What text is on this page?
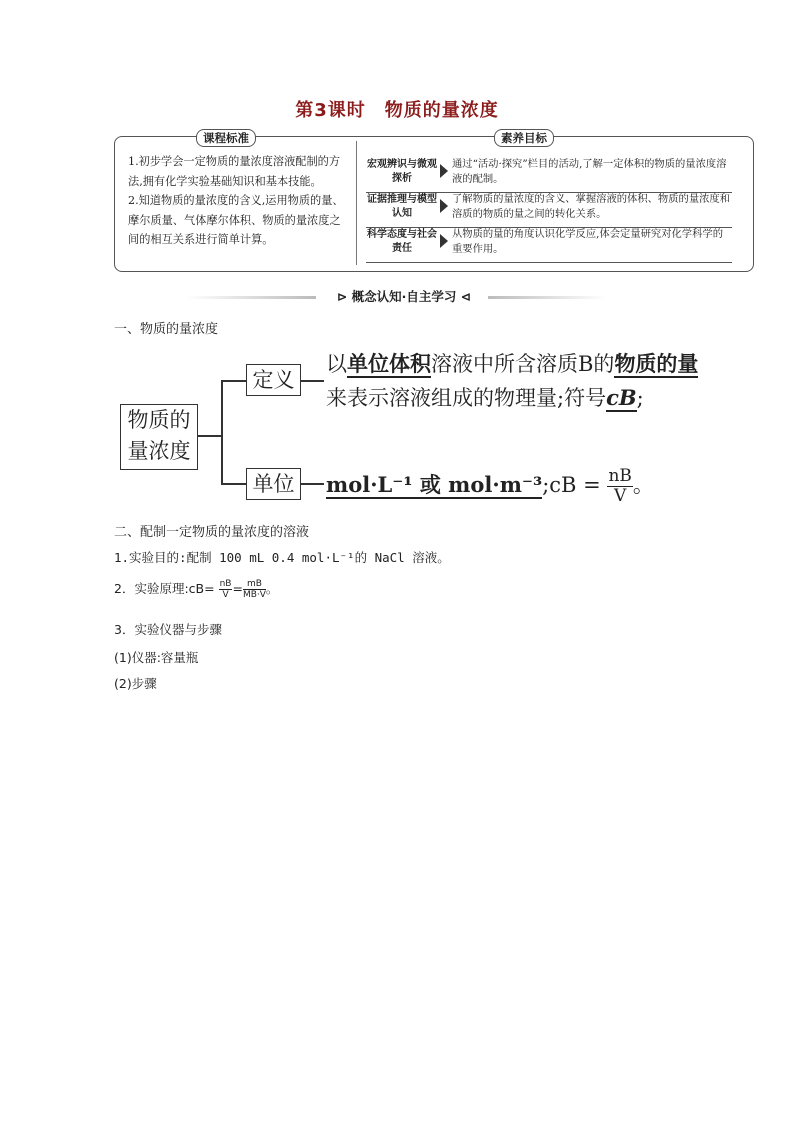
第3课时　物质的量浓度
课程标准	素养目标

1.初步学会一定物质的量浓度溶液配制的方法,拥有化学实验基础知识和基本技能。

2.知道物质的量浓度的含义,运用物质的量、摩尔质量、气体摩尔体积、物质的量浓度之间的相互关系进行简单计算。

宏观辨识与微观探析
通过“活动·探究”栏目的活动,了解一定体积的物质的量浓度溶液的配制。
证据推理与模型认知
了解物质的量浓度的含义、掌握溶液的体积、物质的量浓度和溶质的物质的量之间的转化关系。
科学态度与社会责任
从物质的量的角度认识化学反应,体会定量研究对化学科学的重要作用。
⊳ 概念认知·自主学习 ⊲
一、物质的量浓度
物质的
量浓度
定义
以单位体积溶液中所含溶质B的物质的量
来表示溶液组成的物理量;符号cB;
单位	mol·L⁻¹ 或 mol·m⁻³;cB = $\frac{nB}{V}$ 。
二、配制一定物质的量浓度的溶液
1.实验目的:配制 100 mL 0.4 mol·L⁻¹的 NaCl 溶液。
2．实验原理:cB= $\frac{nB}{V} = \frac{mB}{MB\cdot V}$ 。
3．实验仪器与步骤
(1)仪器:容量瓶
(2)步骤
